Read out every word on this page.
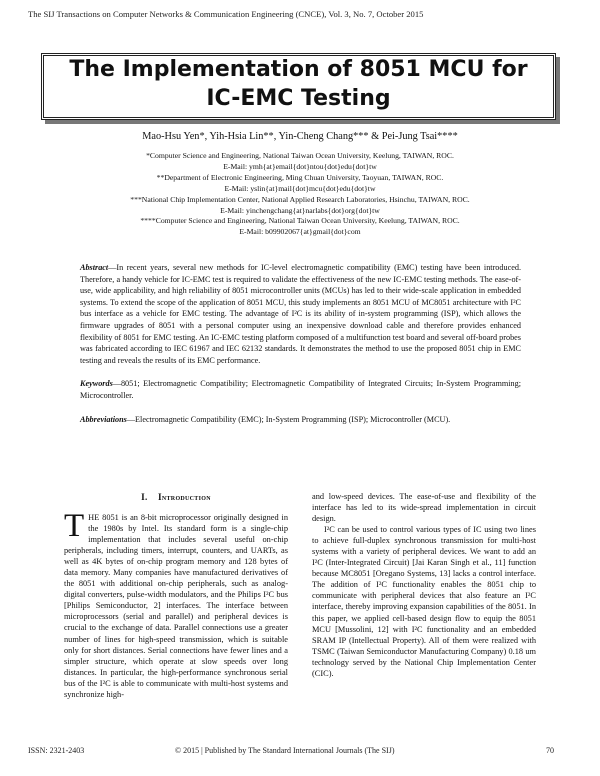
The SIJ Transactions on Computer Networks & Communication Engineering (CNCE), Vol. 3, No. 7, October 2015
The Implementation of 8051 MCU for
IC-EMC Testing
Mao-Hsu Yen*, Yih-Hsia Lin**, Yin-Cheng Chang*** & Pei-Jung Tsai****
*Computer Science and Engineering, National Taiwan Ocean University, Keelung, TAIWAN, ROC.
E-Mail: ymh{at}email{dot}ntou{dot}edu{dot}tw
**Department of Electronic Engineering, Ming Chuan University, Taoyuan, TAIWAN, ROC.
E-Mail: yslin{at}mail{dot}mcu{dot}edu{dot}tw
***National Chip Implementation Center, National Applied Research Laboratories, Hsinchu, TAIWAN, ROC.
E-Mail: yinchengchang{at}narlabs{dot}org{dot}tw
****Computer Science and Engineering, National Taiwan Ocean University, Keelung, TAIWAN, ROC.
E-Mail: b09902067{at}gmail{dot}com

Abstract—In recent years, several new methods for IC-level electromagnetic compatibility (EMC) testing have been introduced. Therefore, a handy vehicle for IC-EMC test is required to validate the effectiveness of the new IC-EMC testing methods. The ease-of-use, wide applicability, and high reliability of 8051 microcontroller units (MCUs) has led to their wide-scale application in embedded systems. To extend the scope of the application of 8051 MCU, this study implements an 8051 MCU of MC8051 architecture with I²C bus interface as a vehicle for EMC testing. The advantage of I²C is its ability of in-system programming (ISP), which allows the firmware upgrades of 8051 with a personal computer using an inexpensive download cable and therefore provides enhanced flexibility of 8051 for EMC testing. An IC-EMC testing platform composed of a multifunction test board and several off-board probes was fabricated according to IEC 61967 and IEC 62132 standards. It demonstrates the method to use the proposed 8051 chip in EMC testing and reveals the results of its EMC performance.

Keywords—8051; Electromagnetic Compatibility; Electromagnetic Compatibility of Integrated Circuits; In-System Programming; Microcontroller.

Abbreviations—Electromagnetic Compatibility (EMC); In-System Programming (ISP); Microcontroller (MCU).

I. Introduction

THE 8051 is an 8-bit microprocessor originally designed in the 1980s by Intel. Its standard form is a single-chip implementation that includes several useful on-chip peripherals, including timers, interrupt, counters, and UARTs, as well as 4K bytes of on-chip program memory and 128 bytes of data memory. Many companies have manufactured derivatives of the 8051 with additional on-chip peripherals, such as analog-digital converters, pulse-width modulators, and the Philips I²C bus [Philips Semiconductor, 2] interfaces. The interface between microprocessors (serial and parallel) and peripheral devices is crucial to the exchange of data. Parallel connections use a greater number of lines for high-speed transmission, which is suitable only for short distances. Serial connections have fewer lines and a simpler structure, which operate at slow speeds over long distances. In particular, the high-performance synchronous serial bus of the I²C is able to communicate with multi-host systems and synchronize high-

and low-speed devices. The ease-of-use and flexibility of the interface has led to its wide-spread implementation in circuit design.

I²C can be used to control various types of IC using two lines to achieve full-duplex synchronous transmission for multi-host systems with a variety of peripheral devices. We want to add an I²C (Inter-Integrated Circuit) [Jai Karan Singh et al., 11] function because MC8051 [Oregano Systems, 13] lacks a control interface. The addition of I²C functionality enables the 8051 chip to communicate with peripheral devices that also feature an I²C interface, thereby improving expansion capabilities of the 8051. In this paper, we applied cell-based design flow to equip the 8051 MCU [Mussolini, 12] with I²C functionality and an embedded SRAM IP (Intellectual Property). All of them were realized with TSMC (Taiwan Semiconductor Manufacturing Company) 0.18 um technology served by the National Chip Implementation Center (CIC).

ISSN: 2321-2403	© 2015 | Published by The Standard International Journals (The SIJ)	70
